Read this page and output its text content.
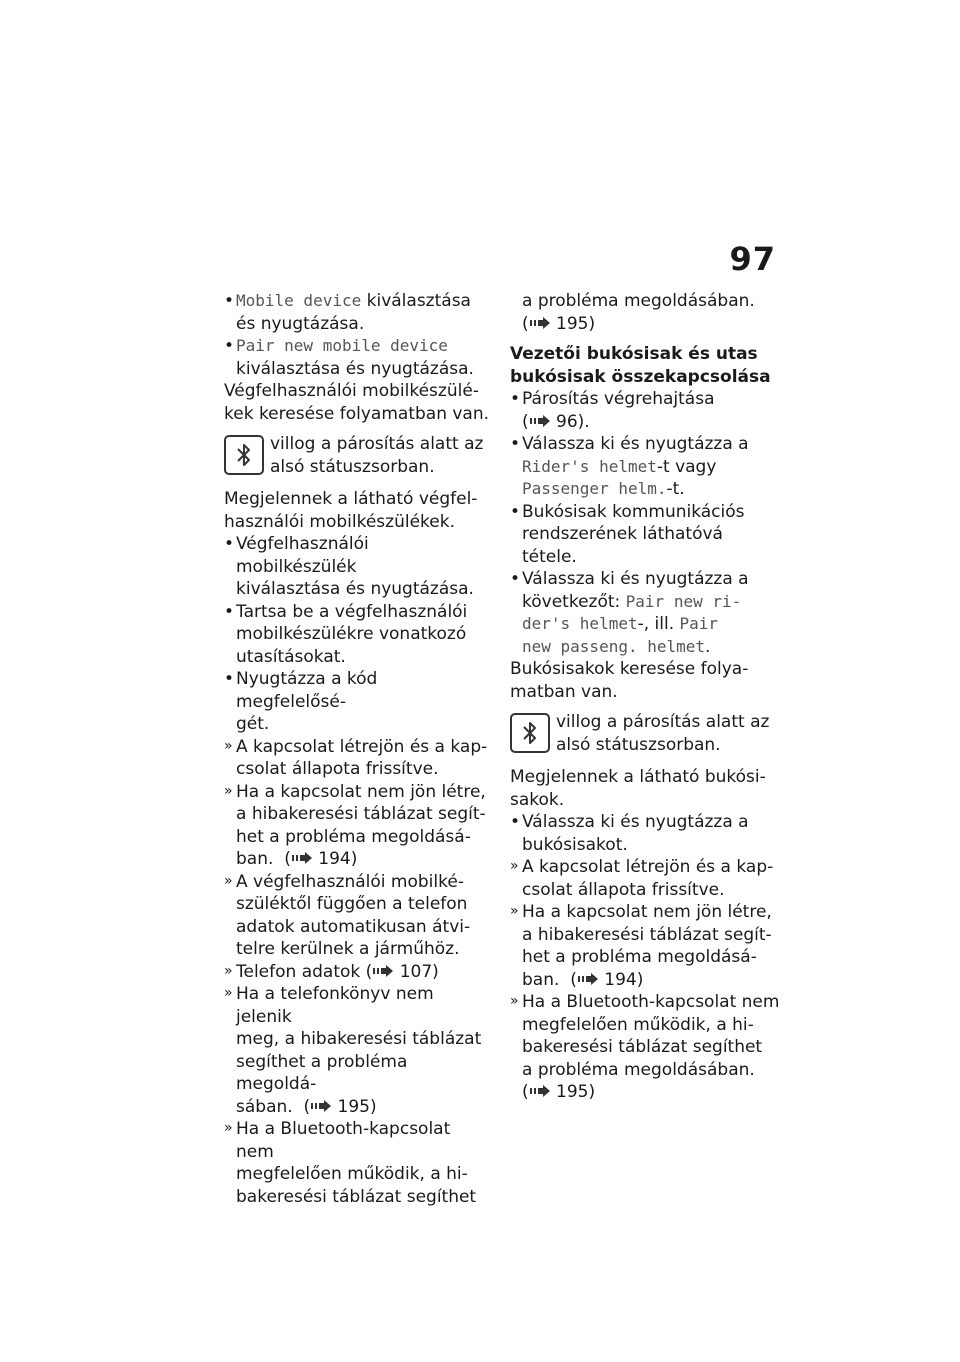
97
• Mobile device kiválasztása
és nyugtázása.
• Pair new mobile device
kiválasztása és nyugtázása.
Végfelhasználói mobilkészülé-
kek keresése folyamatban van.
villog a párosítás alatt az
alsó státuszsorban.
Megjelennek a látható végfel-
használói mobilkészülékek.
• Végfelhasználói mobilkészülék
kiválasztása és nyugtázása.
• Tartsa be a végfelhasználói
mobilkészülékre vonatkozó
utasításokat.
• Nyugtázza a kód megfelelősé-
gét.
» A kapcsolat létrejön és a kap-
csolat állapota frissítve.
» Ha a kapcsolat nem jön létre,
a hibakeresési táblázat segít-
het a probléma megoldásá-
ban.  ( 194)
» A végfelhasználói mobilké-
szüléktől függően a telefon
adatok automatikusan átvi-
telre kerülnek a járműhöz.
» Telefon adatok ( 107)
» Ha a telefonkönyv nem jelenik
meg, a hibakeresési táblázat
segíthet a probléma megoldá-
sában.  ( 195)
» Ha a Bluetooth-kapcsolat nem
megfelelően működik, a hi-
bakeresési táblázat segíthet
a probléma megoldásában.
( 195)
Vezetői bukósisak és utas
bukósisak összekapcsolása
• Párosítás végrehajtása
( 96).
• Válassza ki és nyugtázza a
Rider's helmet-t vagy
Passenger helm.-t.
• Bukósisak kommunikációs
rendszerének láthatóvá tétele.
• Válassza ki és nyugtázza a
következőt: Pair new ri-
der's helmet-, ill. Pair
new passeng. helmet.
Bukósisakok keresése folya-
matban van.
villog a párosítás alatt az
alsó státuszsorban.
Megjelennek a látható bukósi-
sakok.
• Válassza ki és nyugtázza a
bukósisakot.
» A kapcsolat létrejön és a kap-
csolat állapota frissítve.
» Ha a kapcsolat nem jön létre,
a hibakeresési táblázat segít-
het a probléma megoldásá-
ban.  ( 194)
» Ha a Bluetooth-kapcsolat nem
megfelelően működik, a hi-
bakeresési táblázat segíthet
a probléma megoldásában.
( 195)
